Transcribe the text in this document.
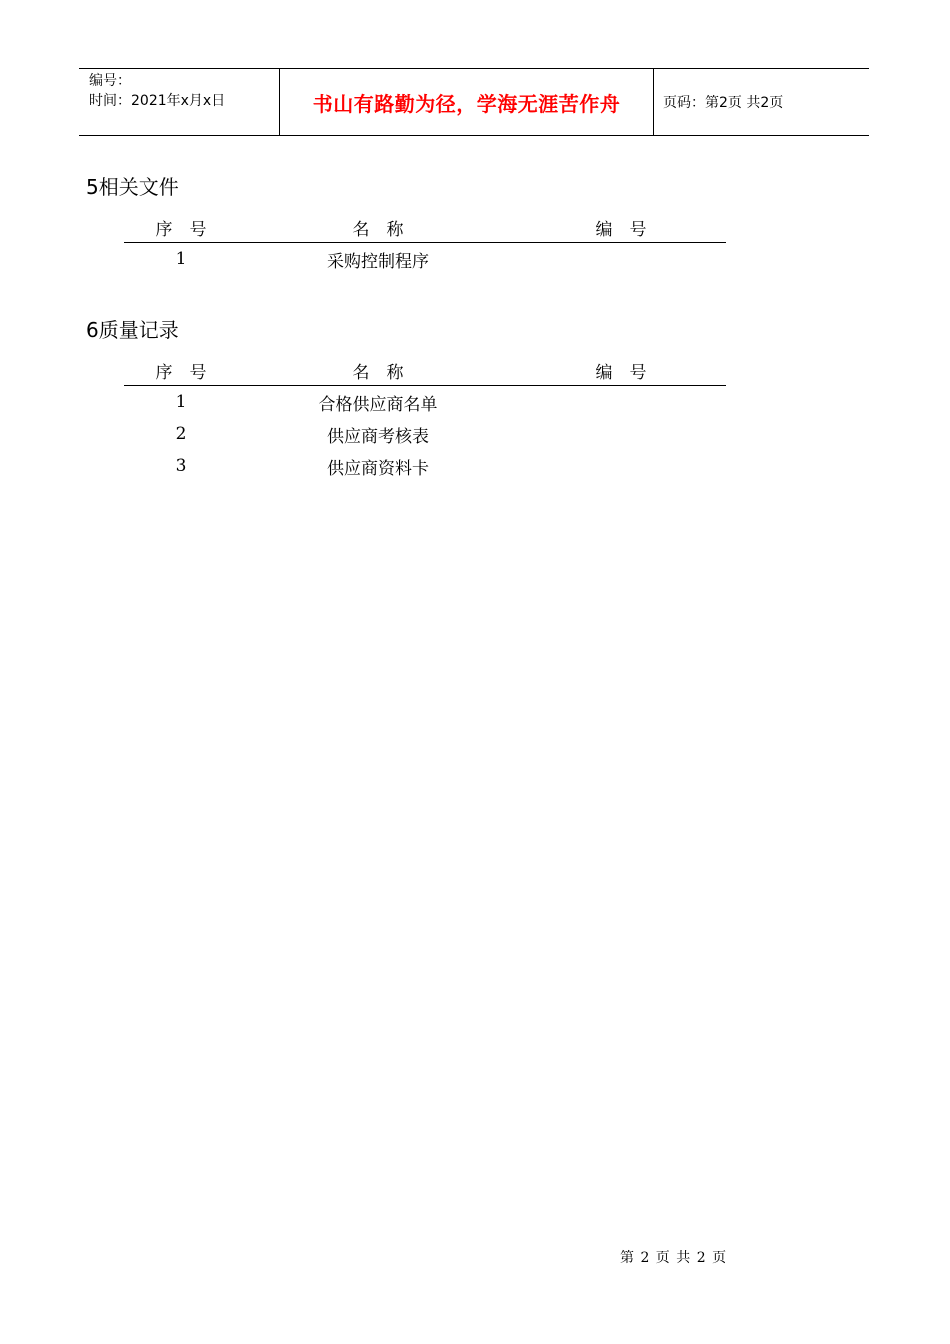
编号：
时间：2021年x月x日	书山有路勤为径，学海无涯苦作舟	页码：第2页 共2页
5相关文件
序　号	名　称	编　号
1	采购控制程序
6质量记录
序　号	名　称	编　号
1	合格供应商名单
2	供应商考核表
3	供应商资料卡
第 2 页 共 2 页
